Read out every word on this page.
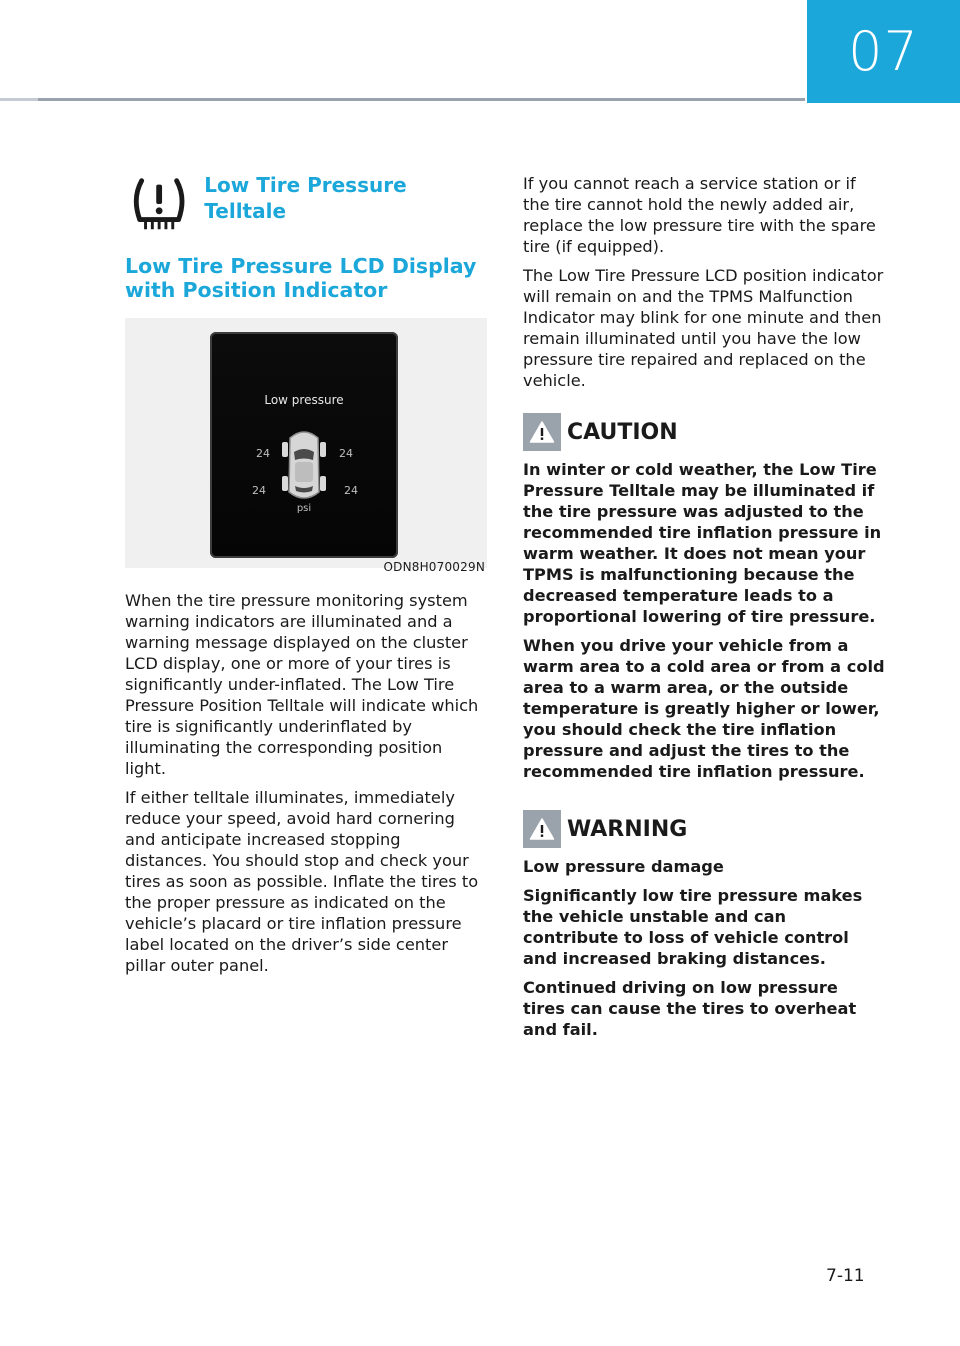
07
Low Tire Pressure Telltale
Low Tire Pressure LCD Display
with Position Indicator
Low pressure
24	24
24	24
psi
ODN8H070029N

When the tire pressure monitoring system warning indicators are illuminated and a warning message displayed on the cluster LCD display, one or more of your tires is significantly under-inflated. The Low Tire Pressure Position Telltale will indicate which tire is significantly underinflated by illuminating the corresponding position light.

If either telltale illuminates, immediately reduce your speed, avoid hard cornering and anticipate increased stopping distances. You should stop and check your tires as soon as possible. Inflate the tires to the proper pressure as indicated on the vehicle’s placard or tire inflation pressure label located on the driver’s side center pillar outer panel.

If you cannot reach a service station or if the tire cannot hold the newly added air, replace the low pressure tire with the spare tire (if equipped).

The Low Tire Pressure LCD position indicator will remain on and the TPMS Malfunction Indicator may blink for one minute and then remain illuminated until you have the low pressure tire repaired and replaced on the vehicle.

CAUTION

In winter or cold weather, the Low Tire Pressure Telltale may be illuminated if the tire pressure was adjusted to the recommended tire inflation pressure in warm weather. It does not mean your TPMS is malfunctioning because the decreased temperature leads to a proportional lowering of tire pressure.

When you drive your vehicle from a warm area to a cold area or from a cold area to a warm area, or the outside temperature is greatly higher or lower, you should check the tire inflation pressure and adjust the tires to the recommended tire inflation pressure.

WARNING

Low pressure damage

Significantly low tire pressure makes the vehicle unstable and can contribute to loss of vehicle control and increased braking distances.

Continued driving on low pressure tires can cause the tires to overheat and fail.

7-11
